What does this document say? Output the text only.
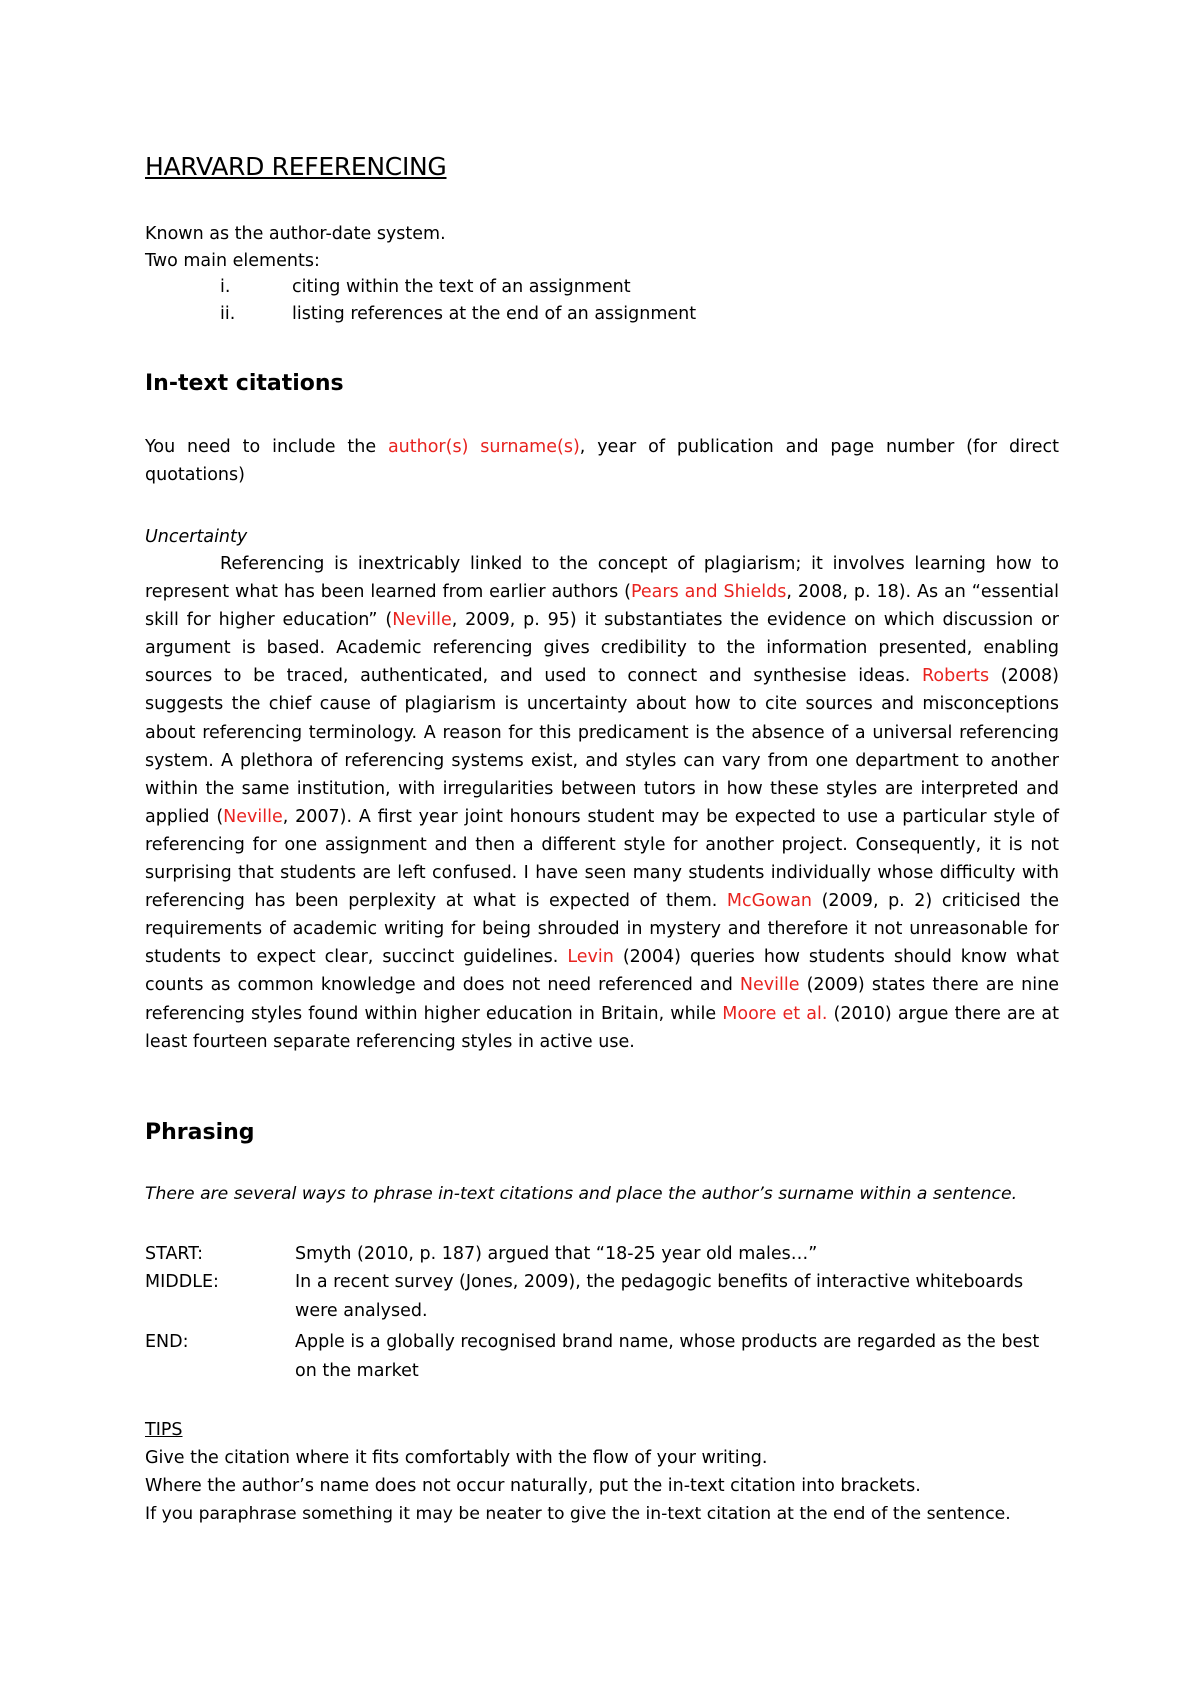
HARVARD REFERENCING
Known as the author-date system.
Two main elements:
i.	citing within the text of an assignment
ii.	listing references at the end of an assignment
In-text citations

You need to include the author(s) surname(s), year of publication and page number (for direct quotations)

Uncertainty

Referencing is inextricably linked to the concept of plagiarism; it involves learning how to represent what has been learned from earlier authors (Pears and Shields, 2008, p. 18). As an “essential skill for higher education” (Neville, 2009, p. 95) it substantiates the evidence on which discussion or argument is based. Academic referencing gives credibility to the information presented, enabling sources to be traced, authenticated, and used to connect and synthesise ideas. Roberts (2008) suggests the chief cause of plagiarism is uncertainty about how to cite sources and misconceptions about referencing terminology. A reason for this predicament is the absence of a universal referencing system. A plethora of referencing systems exist, and styles can vary from one department to another within the same institution, with irregularities between tutors in how these styles are interpreted and applied (Neville, 2007). A first year joint honours student may be expected to use a particular style of referencing for one assignment and then a different style for another project. Consequently, it is not surprising that students are left confused. I have seen many students individually whose difficulty with referencing has been perplexity at what is expected of them. McGowan (2009, p. 2) criticised the requirements of academic writing for being shrouded in mystery and therefore it not unreasonable for students to expect clear, succinct guidelines. Levin (2004) queries how students should know what counts as common knowledge and does not need referenced and Neville (2009) states there are nine referencing styles found within higher education in Britain, while Moore et al. (2010) argue there are at least fourteen separate referencing styles in active use.

Phrasing
There are several ways to phrase in-text citations and place the author’s surname within a sentence.
START:	Smyth (2010, p. 187) argued that “18-25 year old males…”
MIDDLE:	In a recent survey (Jones, 2009), the pedagogic benefits of interactive whiteboards were analysed.
END:	Apple is a globally recognised brand name, whose products are regarded as the best on the market
TIPS
Give the citation where it fits comfortably with the flow of your writing.
Where the author’s name does not occur naturally, put the in-text citation into brackets.
If you paraphrase something it may be neater to give the in-text citation at the end of the sentence.
